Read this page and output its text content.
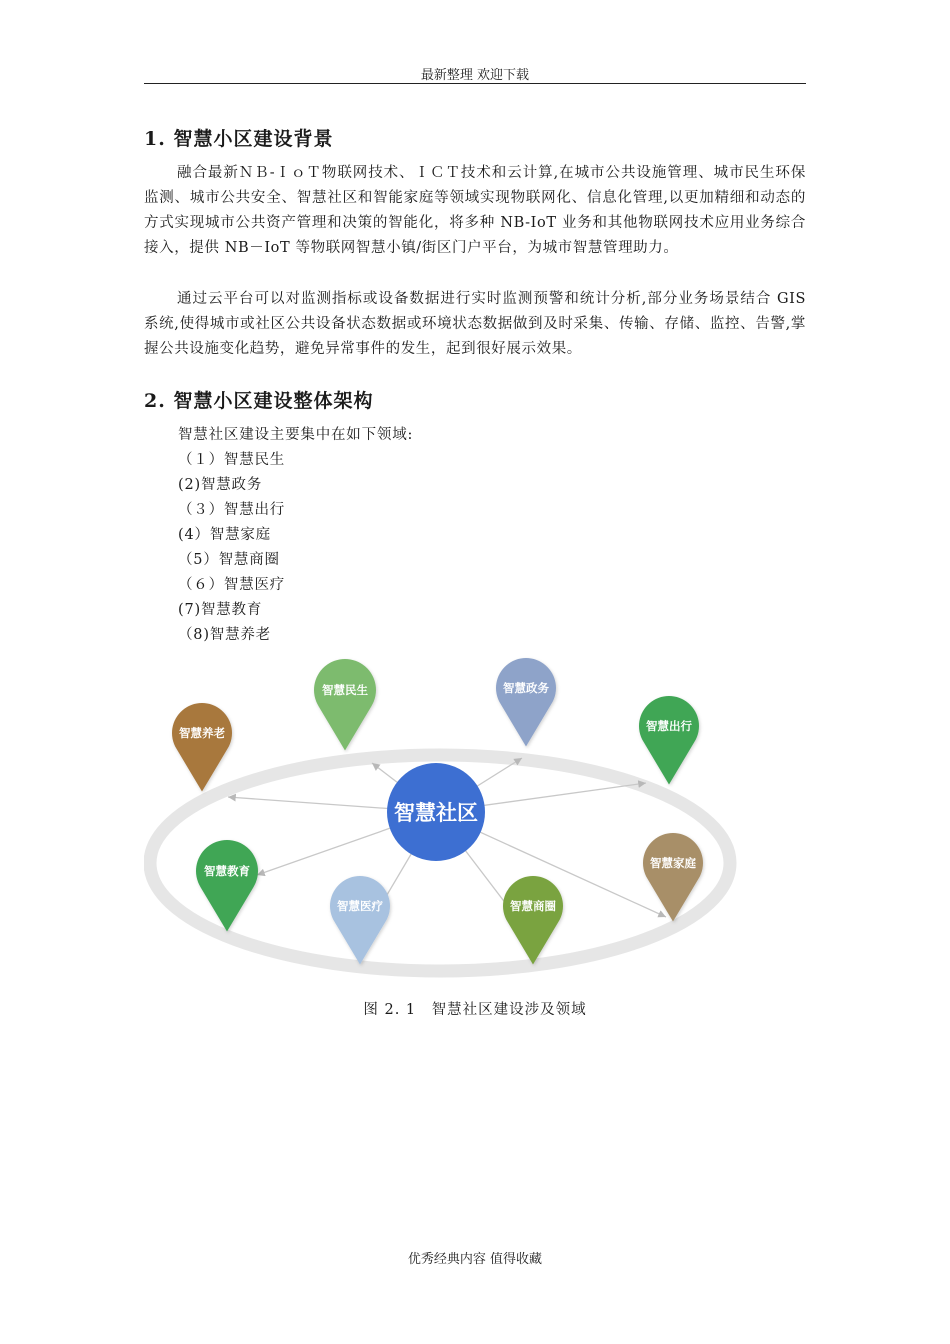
最新整理 欢迎下载
1. 智慧小区建设背景

融合最新ＮＢ-ＩｏＴ物联网技术、ＩＣＴ技术和云计算,在城市公共设施管理、城市民生环保监测、城市公共安全、智慧社区和智能家庭等领域实现物联网化、信息化管理,以更加精细和动态的方式实现城市公共资产管理和决策的智能化，将多种 NB-IoT 业务和其他物联网技术应用业务综合接入，提供 NB－IoT 等物联网智慧小镇/街区门户平台，为城市智慧管理助力。

通过云平台可以对监测指标或设备数据进行实时监测预警和统计分析,部分业务场景结合 GIS 系统,使得城市或社区公共设备状态数据或环境状态数据做到及时采集、传输、存储、监控、告警,掌握公共设施变化趋势，避免异常事件的发生，起到很好展示效果。

2. 智慧小区建设整体架构
智慧社区建设主要集中在如下领域:
（１）智慧民生
(2)智慧政务
（３）智慧出行
(4）智慧家庭
（5）智慧商圈
（６）智慧医疗
(7)智慧教育
（8)智慧养老
智慧民生	智慧政务
智慧出行
智慧养老
智慧教育
智慧医疗	智慧商圈
智慧家庭
智慧社区
图 2. 1　智慧社区建设涉及领域
优秀经典内容 值得收藏
